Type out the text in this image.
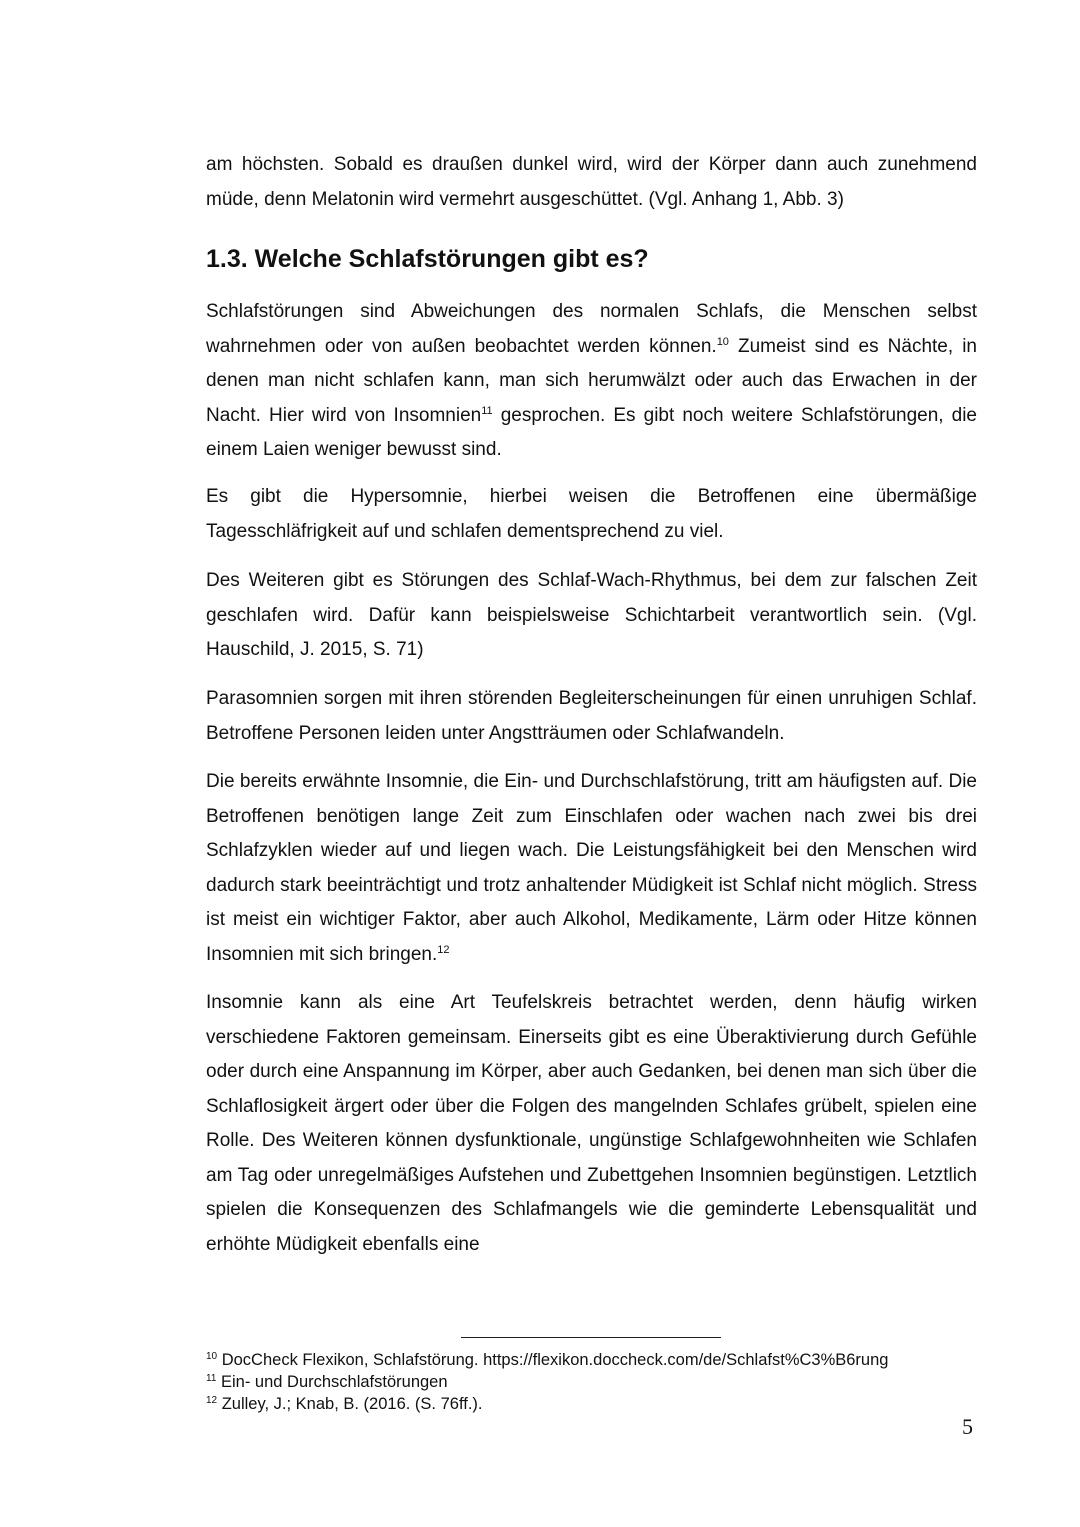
am höchsten. Sobald es draußen dunkel wird, wird der Körper dann auch zunehmend müde, denn Melatonin wird vermehrt ausgeschüttet. (Vgl. Anhang 1, Abb. 3)

1.3. Welche Schlafstörungen gibt es?

Schlafstörungen sind Abweichungen des normalen Schlafs, die Menschen selbst wahrnehmen oder von außen beobachtet werden können.$^{10}$ Zumeist sind es Nächte, in denen man nicht schlafen kann, man sich herumwälzt oder auch das Erwachen in der Nacht. Hier wird von Insomnien$^{11}$ gesprochen. Es gibt noch weitere Schlafstörungen, die einem Laien weniger bewusst sind.

Es gibt die Hypersomnie, hierbei weisen die Betroffenen eine übermäßige Tagesschläfrigkeit auf und schlafen dementsprechend zu viel.

Des Weiteren gibt es Störungen des Schlaf-Wach-Rhythmus, bei dem zur falschen Zeit geschlafen wird. Dafür kann beispielsweise Schichtarbeit verantwortlich sein. (Vgl. Hauschild, J. 2015, S. 71)

Parasomnien sorgen mit ihren störenden Begleiterscheinungen für einen unruhigen Schlaf. Betroffene Personen leiden unter Angstträumen oder Schlafwandeln.

Die bereits erwähnte Insomnie, die Ein- und Durchschlafstörung, tritt am häufigsten auf. Die Betroffenen benötigen lange Zeit zum Einschlafen oder wachen nach zwei bis drei Schlafzyklen wieder auf und liegen wach. Die Leistungsfähigkeit bei den Menschen wird dadurch stark beeinträchtigt und trotz anhaltender Müdigkeit ist Schlaf nicht möglich. Stress ist meist ein wichtiger Faktor, aber auch Alkohol, Medikamente, Lärm oder Hitze können Insomnien mit sich bringen.$^{12}$

Insomnie kann als eine Art Teufelskreis betrachtet werden, denn häufig wirken verschiedene Faktoren gemeinsam. Einerseits gibt es eine Überaktivierung durch Gefühle oder durch eine Anspannung im Körper, aber auch Gedanken, bei denen man sich über die Schlaflosigkeit ärgert oder über die Folgen des mangelnden Schlafes grübelt, spielen eine Rolle. Des Weiteren können dysfunktionale, ungünstige Schlafgewohnheiten wie Schlafen am Tag oder unregelmäßiges Aufstehen und Zubettgehen Insomnien begünstigen. Letztlich spielen die Konsequenzen des Schlafmangels wie die geminderte Lebensqualität und erhöhte Müdigkeit ebenfalls eine

$^{10}$ DocCheck Flexikon, Schlafstörung. https://flexikon.doccheck.com/de/Schlafst%C3%B6rung
$^{11}$ Ein- und Durchschlafstörungen
$^{12}$ Zulley, J.; Knab, B. (2016. (S. 76ff.).
5
